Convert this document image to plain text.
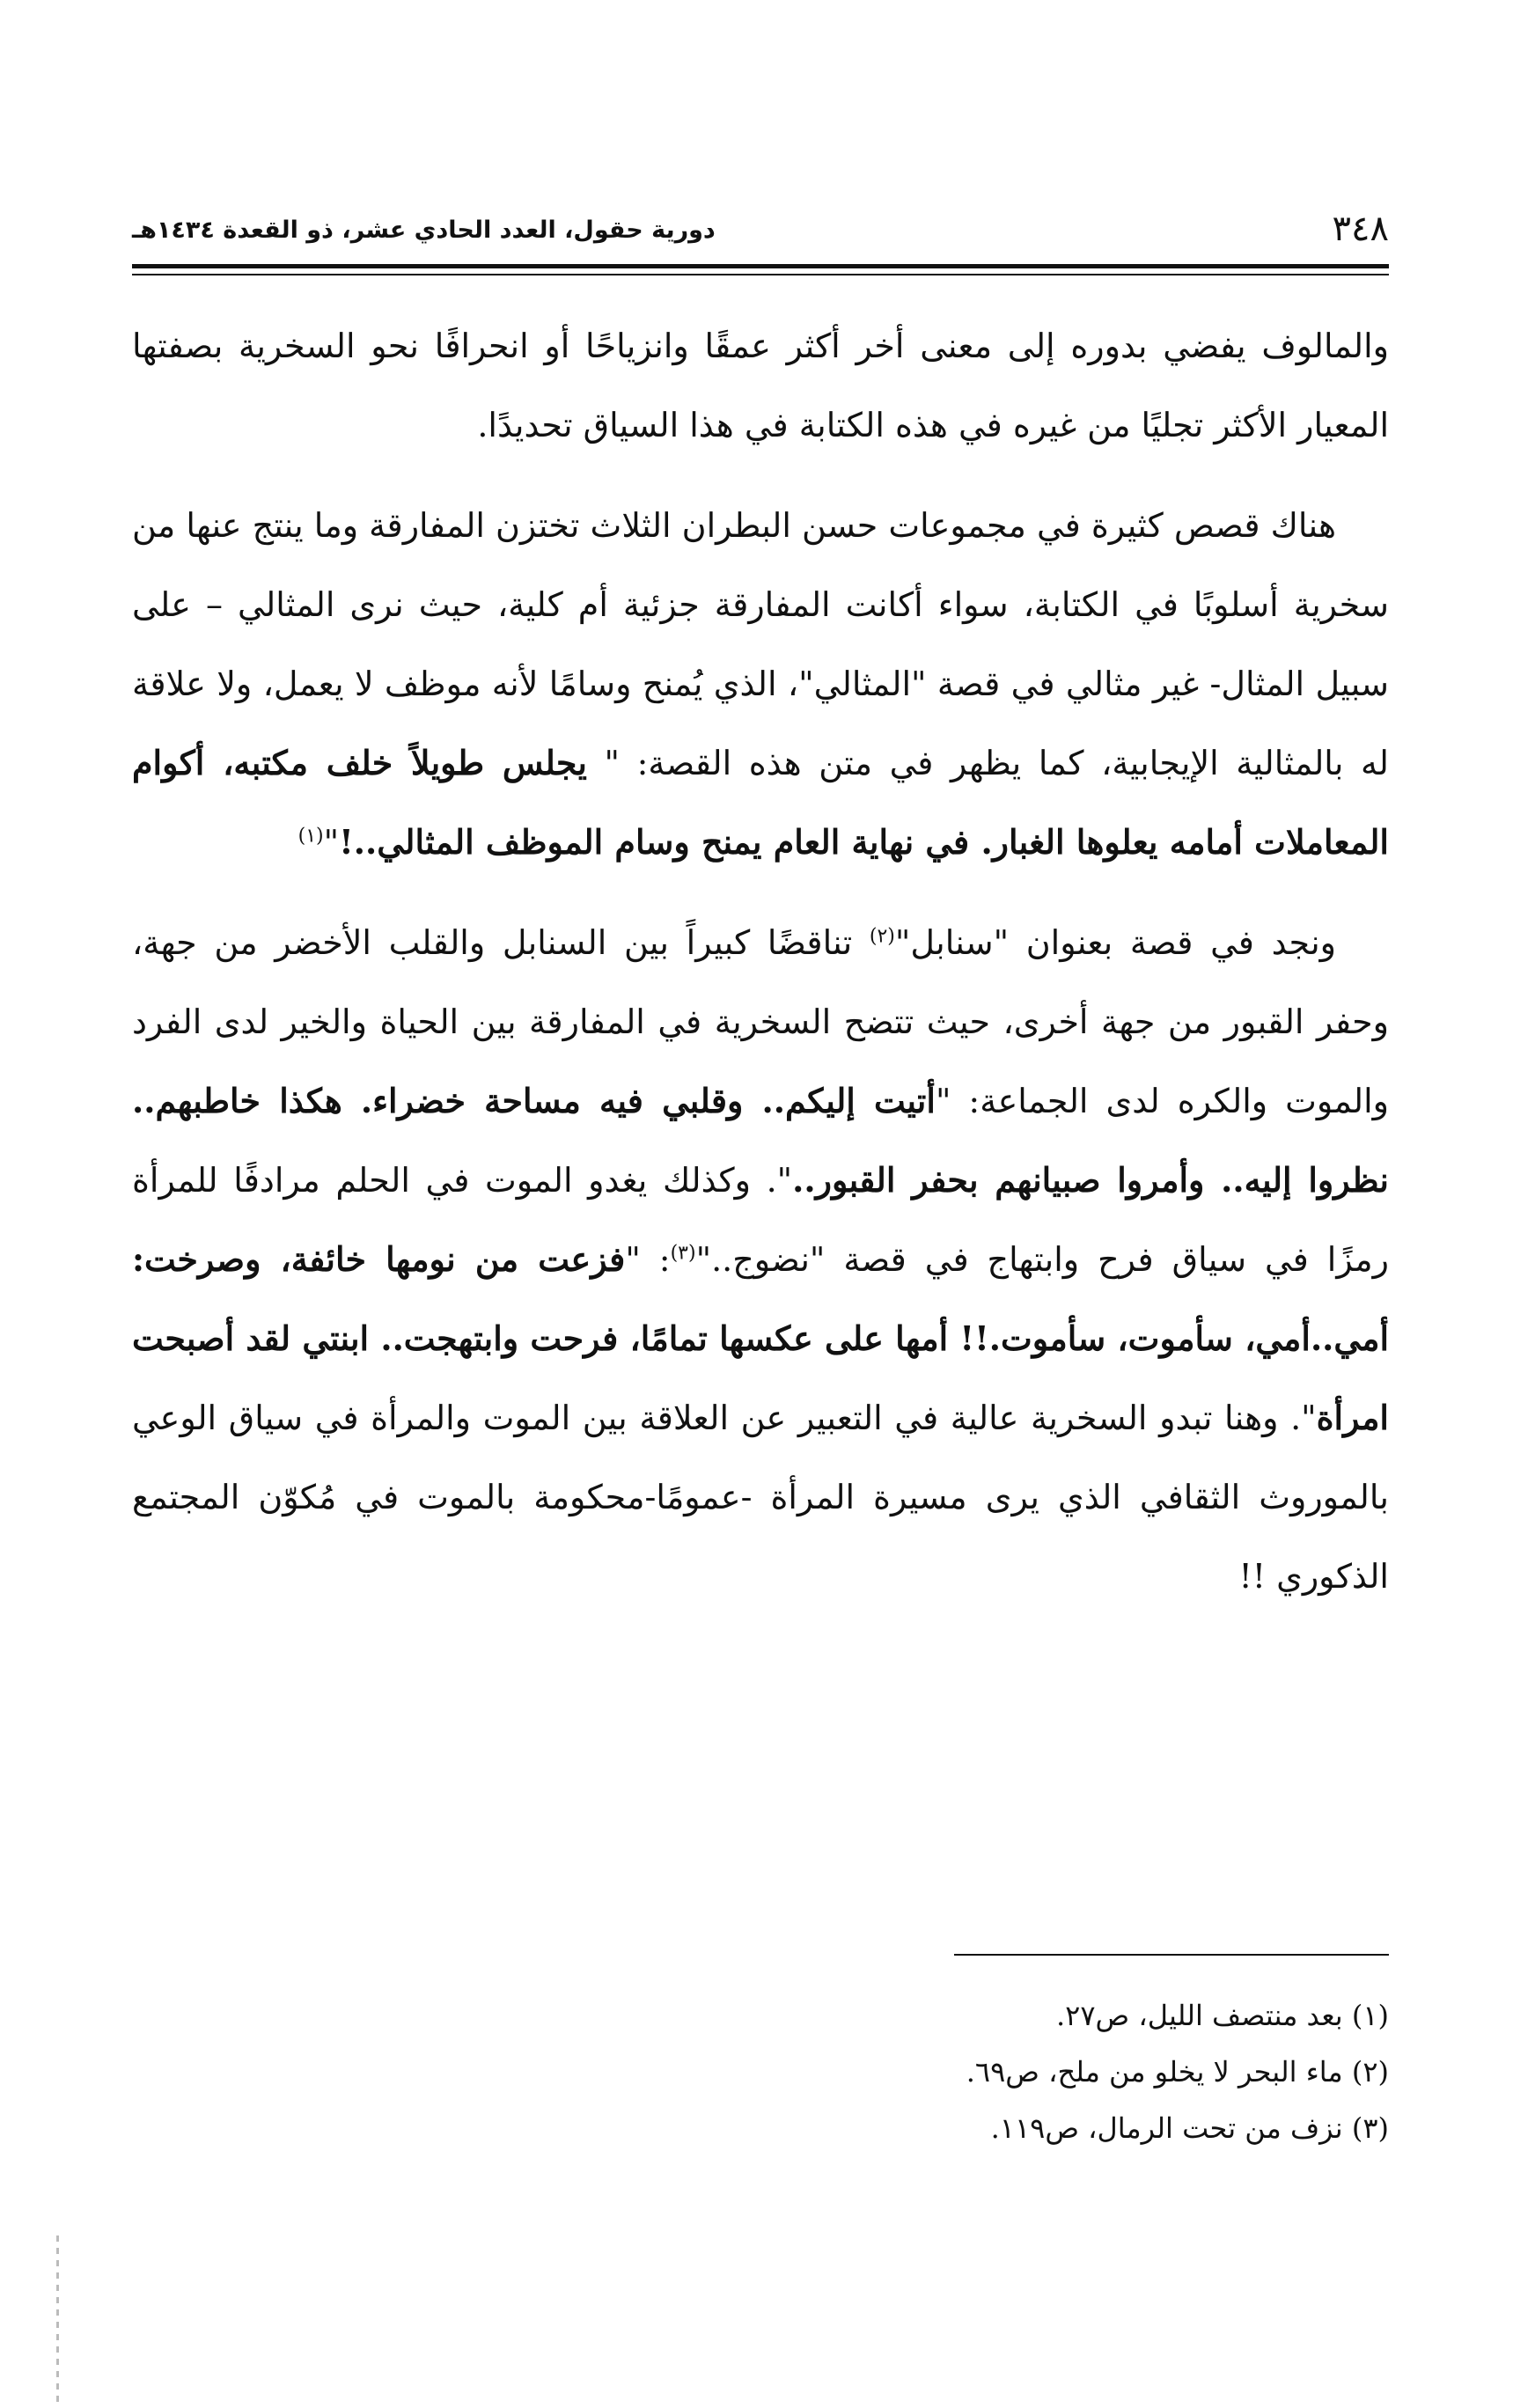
٣٤٨
دورية حقول، العدد الحادي عشر، ذو القعدة ١٤٣٤هـ

والمالوف يفضي بدوره إلى معنى أخر أكثر عمقًا وانزياحًا أو انحرافًا نحو السخرية بصفتها المعيار الأكثر تجليًا من غيره في هذه الكتابة في هذا السياق تحديدًا.

هناك قصص كثيرة في مجموعات حسن البطران الثلاث تختزن المفارقة وما ينتج عنها من سخرية أسلوبًا في الكتابة، سواء أكانت المفارقة جزئية أم كلية، حيث نرى المثالي – على سبيل المثال- غير مثالي في قصة "المثالي"، الذي يُمنح وسامًا لأنه موظف لا يعمل، ولا علاقة له بالمثالية الإيجابية، كما يظهر في متن هذه القصة: " يجلس طويلاً خلف مكتبه، أكوام المعاملات أمامه يعلوها الغبار. في نهاية العام يمنح وسام الموظف المثالي..!"$^{(١)}$

ونجد في قصة بعنوان "سنابل"$^{(٢)}$ تناقضًا كبيراً بين السنابل والقلب الأخضر من جهة، وحفر القبور من جهة أخرى، حيث تتضح السخرية في المفارقة بين الحياة والخير لدى الفرد والموت والكره لدى الجماعة: "أتيت إليكم.. وقلبي فيه مساحة خضراء. هكذا خاطبهم.. نظروا إليه.. وأمروا صبيانهم بحفر القبور..". وكذلك يغدو الموت في الحلم مرادفًا للمرأة رمزًا في سياق فرح وابتهاج في قصة "نضوج.."$^{(٣)}$: "فزعت من نومها خائفة، وصرخت: أمي..أمي، سأموت، سأموت.!! أمها على عكسها تمامًا، فرحت وابتهجت.. ابنتي لقد أصبحت امرأة". وهنا تبدو السخرية عالية في التعبير عن العلاقة بين الموت والمرأة في سياق الوعي بالموروث الثقافي الذي يرى مسيرة المرأة -عمومًا-محكومة بالموت في مُكوّن المجتمع الذكوري !!

(١) بعد منتصف الليل، ص٢٧.

(٢) ماء البحر لا يخلو من ملح، ص٦٩.

(٣) نزف من تحت الرمال، ص١١٩.
